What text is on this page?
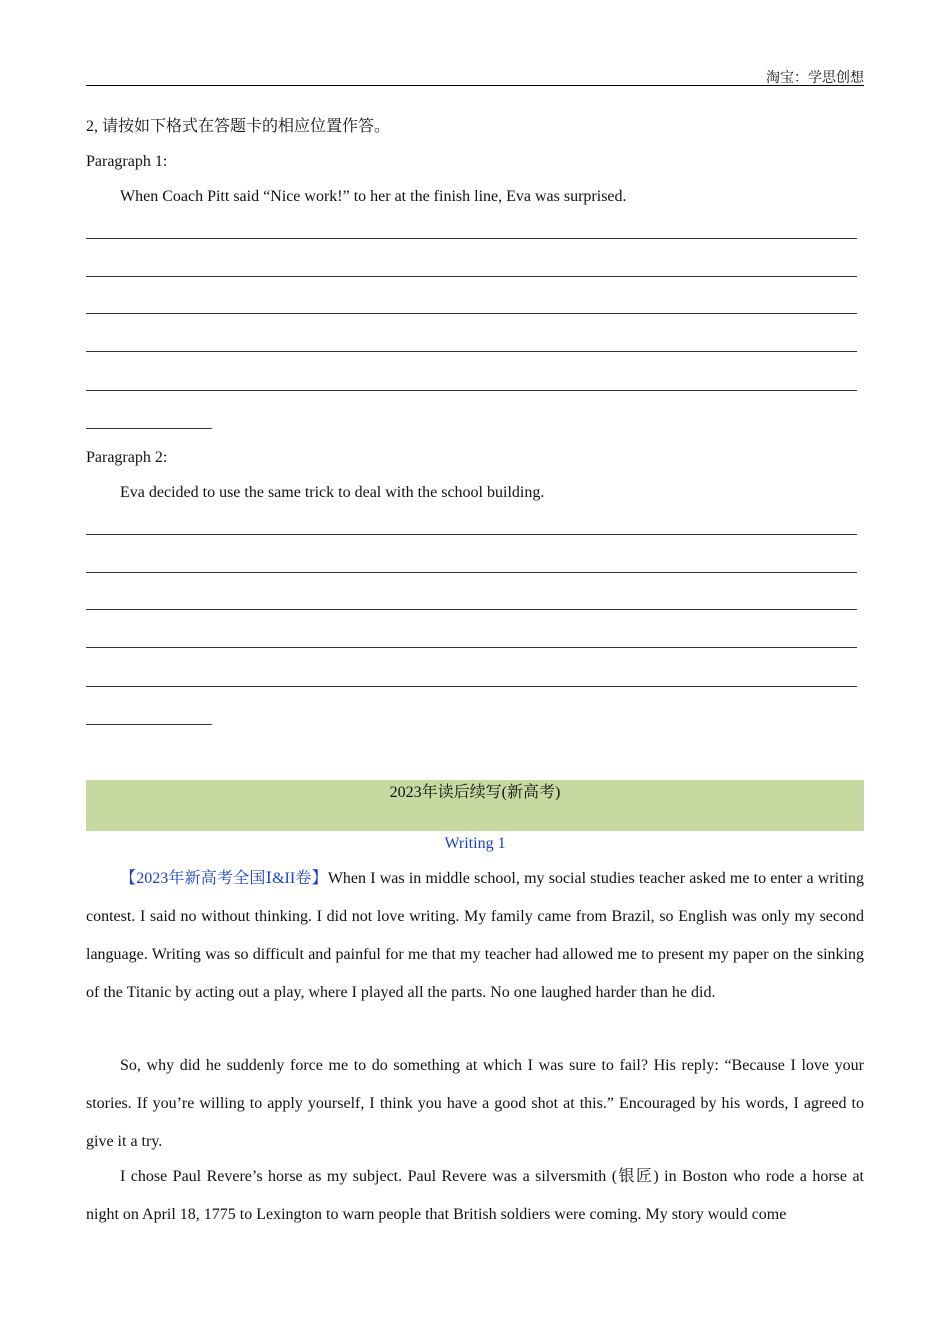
淘宝：学思创想
2, 请按如下格式在答题卡的相应位置作答。
Paragraph 1:
When Coach Pitt said “Nice work!” to her at the finish line, Eva was surprised.
Paragraph 2:
Eva decided to use the same trick to deal with the school building.
2023年读后续写(新高考)
Writing 1

【2023年新高考全国Ⅰ&II卷】When I was in middle school, my social studies teacher asked me to enter a writing contest. I said no without thinking. I did not love writing. My family came from Brazil, so English was only my second language. Writing was so difficult and painful for me that my teacher had allowed me to present my paper on the sinking of the Titanic by acting out a play, where I played all the parts. No one laughed harder than he did.

So, why did he suddenly force me to do something at which I was sure to fail? His reply: “Because I love your stories. If you’re willing to apply yourself, I think you have a good shot at this.” Encouraged by his words, I agreed to give it a try.

I chose Paul Revere’s horse as my subject. Paul Revere was a silversmith (银匠) in Boston who rode a horse at night on April 18, 1775 to Lexington to warn people that British soldiers were coming. My story would come
